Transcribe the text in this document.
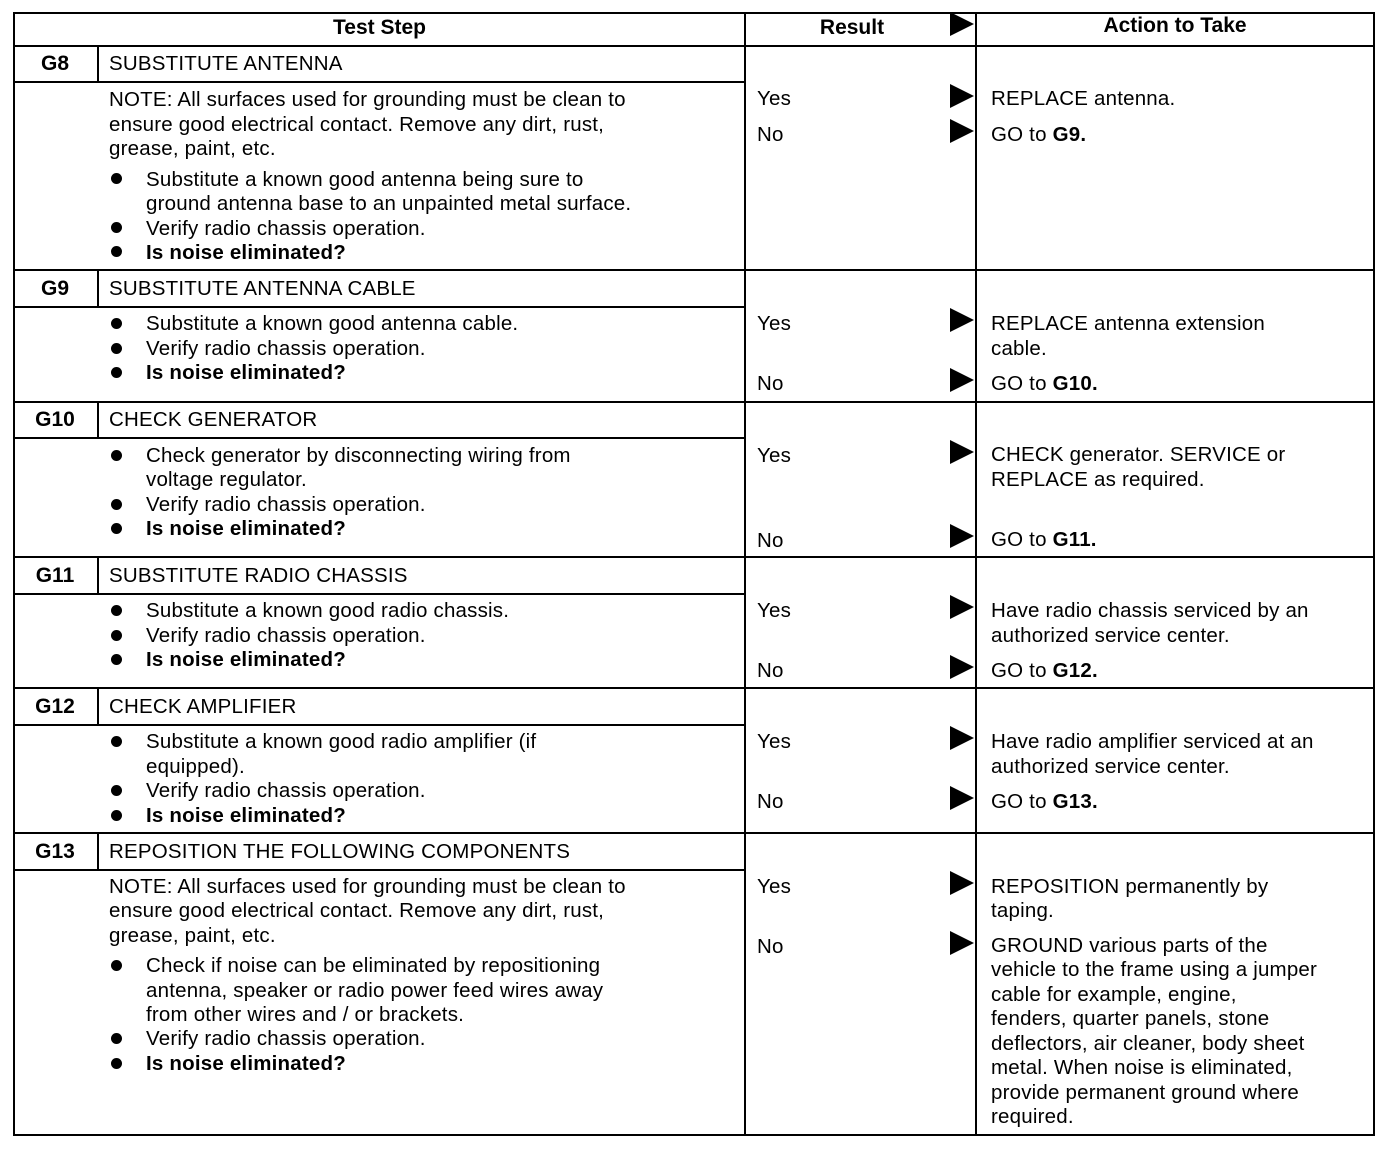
Test Step	Result	Action to Take
G8	SUBSTITUTE ANTENNA
NOTE: All surfaces used for grounding must be clean to
ensure good electrical contact. Remove any dirt, rust,
grease, paint, etc.
Substitute a known good antenna being sure to
ground antenna base to an unpainted metal surface.
Verify radio chassis operation.
Is noise eliminated?
Yes	REPLACE antenna.
No	GO to G9.
G9	SUBSTITUTE ANTENNA CABLE
Substitute a known good antenna cable.
Verify radio chassis operation.
Is noise eliminated?
Yes	REPLACE antenna extension
cable.
No	GO to G10.
G10	CHECK GENERATOR
Check generator by disconnecting wiring from
voltage regulator.
Verify radio chassis operation.
Is noise eliminated?
Yes	CHECK generator. SERVICE or
REPLACE as required.
No	GO to G11.
G11	SUBSTITUTE RADIO CHASSIS
Substitute a known good radio chassis.
Verify radio chassis operation.
Is noise eliminated?
Yes	Have radio chassis serviced by an
authorized service center.
No	GO to G12.
G12	CHECK AMPLIFIER
Substitute a known good radio amplifier (if
equipped).
Verify radio chassis operation.
Is noise eliminated?
Yes	Have radio amplifier serviced at an
authorized service center.
No	GO to G13.
G13	REPOSITION THE FOLLOWING COMPONENTS
NOTE: All surfaces used for grounding must be clean to
ensure good electrical contact. Remove any dirt, rust,
grease, paint, etc.
Check if noise can be eliminated by repositioning
antenna, speaker or radio power feed wires away
from other wires and / or brackets.
Verify radio chassis operation.
Is noise eliminated?
Yes	REPOSITION permanently by
taping.
No	GROUND various parts of the
vehicle to the frame using a jumper
cable for example, engine,
fenders, quarter panels, stone
deflectors, air cleaner, body sheet
metal. When noise is eliminated,
provide permanent ground where
required.
